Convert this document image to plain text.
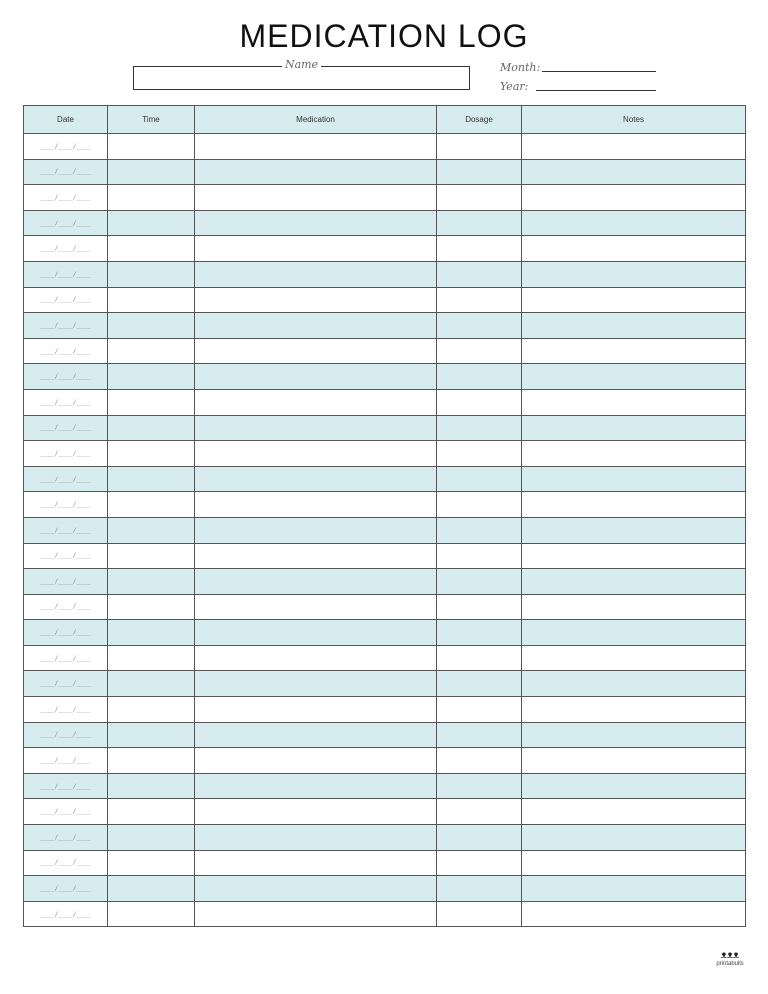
MEDICATION LOG
Name	Month:
Year:
Date	Time	Medication	Dosage	Notes

____/____/____				

____/____/____				

____/____/____				

____/____/____				

____/____/____				

____/____/____				

____/____/____				

____/____/____				

____/____/____				

____/____/____				

____/____/____				

____/____/____				

____/____/____				

____/____/____				

____/____/____				

____/____/____				

____/____/____				

____/____/____				

____/____/____				

____/____/____				

____/____/____				

____/____/____				

____/____/____				

____/____/____				

____/____/____				

____/____/____				

____/____/____				

____/____/____				

____/____/____				

____/____/____				

____/____/____				

ᴥᴥᴥ
printabulls
